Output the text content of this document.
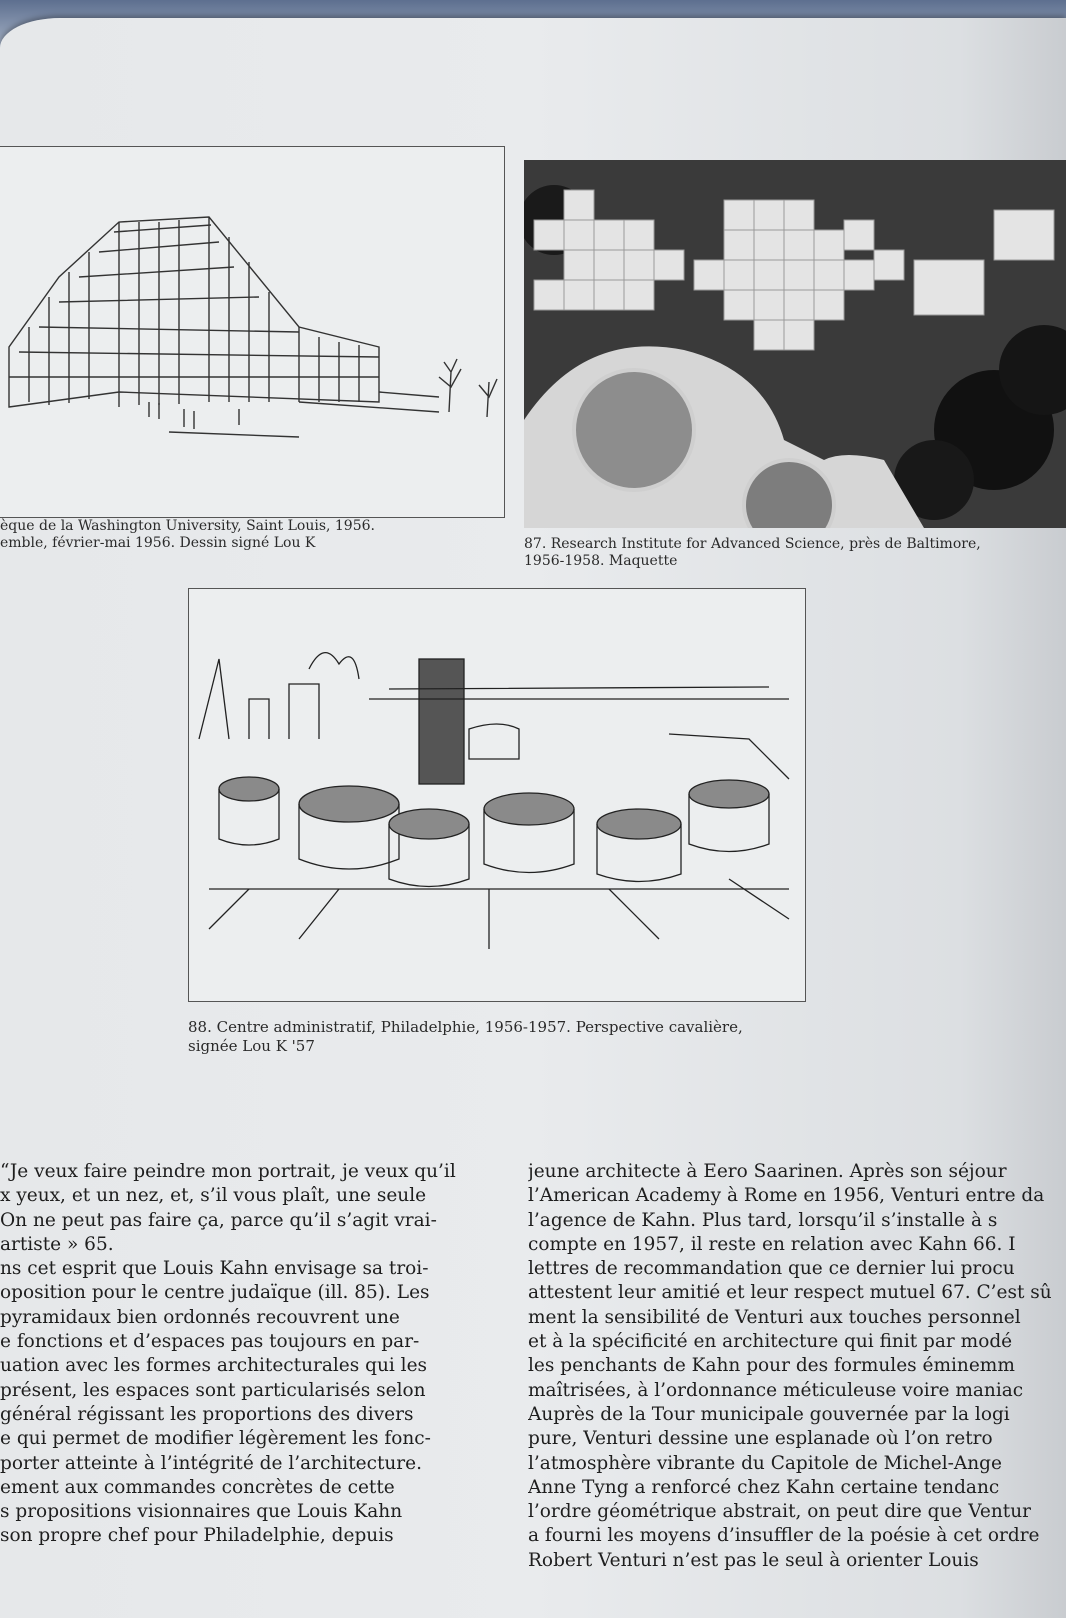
èque de la Washington University, Saint Louis, 1956.
emble, février-mai 1956. Dessin signé Lou K	87. Research Institute for Advanced Science, près de Baltimore,
1956-1958. Maquette
88. Centre administratif, Philadelphie, 1956-1957. Perspective cavalière,
signée Lou K '57
“Je veux faire peindre mon portrait, je veux qu’il
x yeux, et un nez, et, s’il vous plaît, une seule
On ne peut pas faire ça, parce qu’il s’agit vrai-
artiste » 65.
ns cet esprit que Louis Kahn envisage sa troi-
oposition pour le centre judaïque (ill. 85). Les
pyramidaux bien ordonnés recouvrent une
e fonctions et d’espaces pas toujours en par-
uation avec les formes architecturales qui les
présent, les espaces sont particularisés selon
général régissant les proportions des divers
e qui permet de modifier légèrement les fonc-
porter atteinte à l’intégrité de l’architecture.
ement aux commandes concrètes de cette
s propositions visionnaires que Louis Kahn
son propre chef pour Philadelphie, depuis
jeune architecte à Eero Saarinen. Après son séjour
l’American Academy à Rome en 1956, Venturi entre da
l’agence de Kahn. Plus tard, lorsqu’il s’installe à s
compte en 1957, il reste en relation avec Kahn 66. I
lettres de recommandation que ce dernier lui procu
attestent leur amitié et leur respect mutuel 67. C’est sû
ment la sensibilité de Venturi aux touches personnel
et à la spécificité en architecture qui finit par modé
les penchants de Kahn pour des formules éminemm
maîtrisées, à l’ordonnance méticuleuse voire maniac
Auprès de la Tour municipale gouvernée par la logi
pure, Venturi dessine une esplanade où l’on retro
l’atmosphère vibrante du Capitole de Michel-Ange
Anne Tyng a renforcé chez Kahn certaine tendanc
l’ordre géométrique abstrait, on peut dire que Ventur
a fourni les moyens d’insuffler de la poésie à cet ordre
Robert Venturi n’est pas le seul à orienter Louis
